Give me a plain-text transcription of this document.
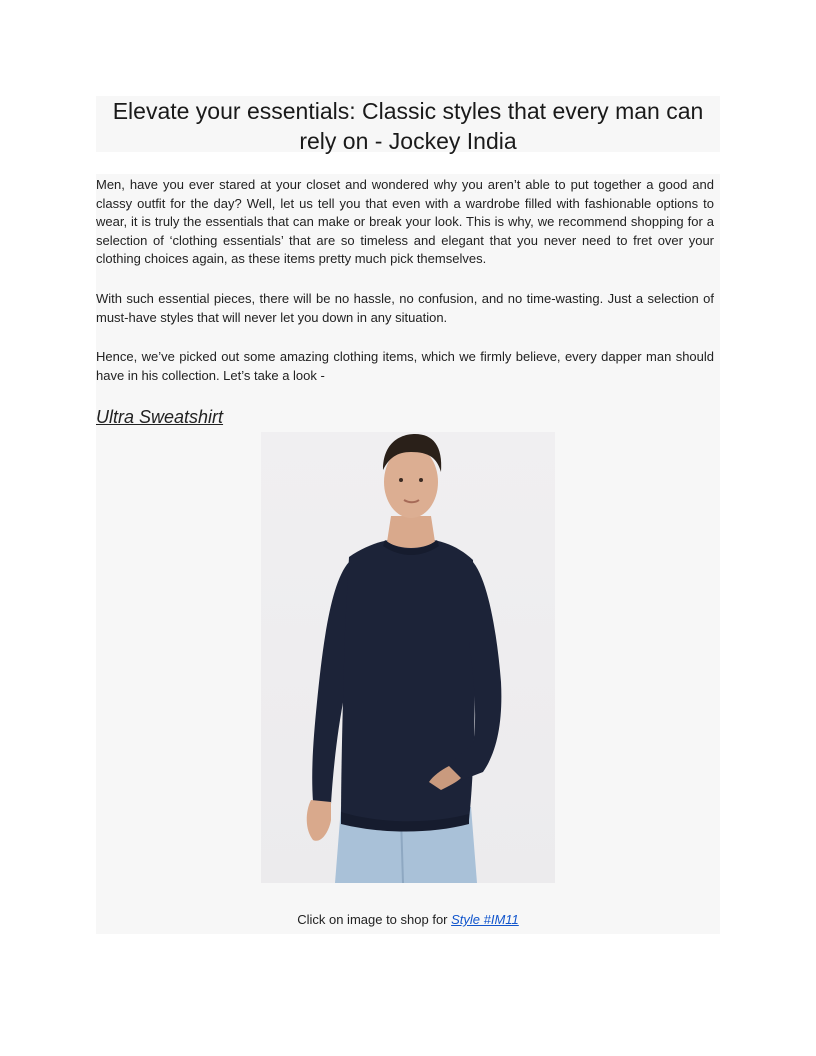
Elevate your essentials: Classic styles that every man can rely on - Jockey India

Men, have you ever stared at your closet and wondered why you aren’t able to put together a good and classy outfit for the day? Well, let us tell you that even with a wardrobe filled with fashionable options to wear, it is truly the essentials that can make or break your look. This is why, we recommend shopping for a selection of ‘clothing essentials’ that are so timeless and elegant that you never need to fret over your clothing choices again, as these items pretty much pick themselves.

With such essential pieces, there will be no hassle, no confusion, and no time-wasting. Just a selection of must-have styles that will never let you down in any situation.

Hence, we’ve picked out some amazing clothing items, which we firmly believe, every dapper man should have in his collection. Let’s take a look -

Ultra Sweatshirt
Click on image to shop for Style #IM11
